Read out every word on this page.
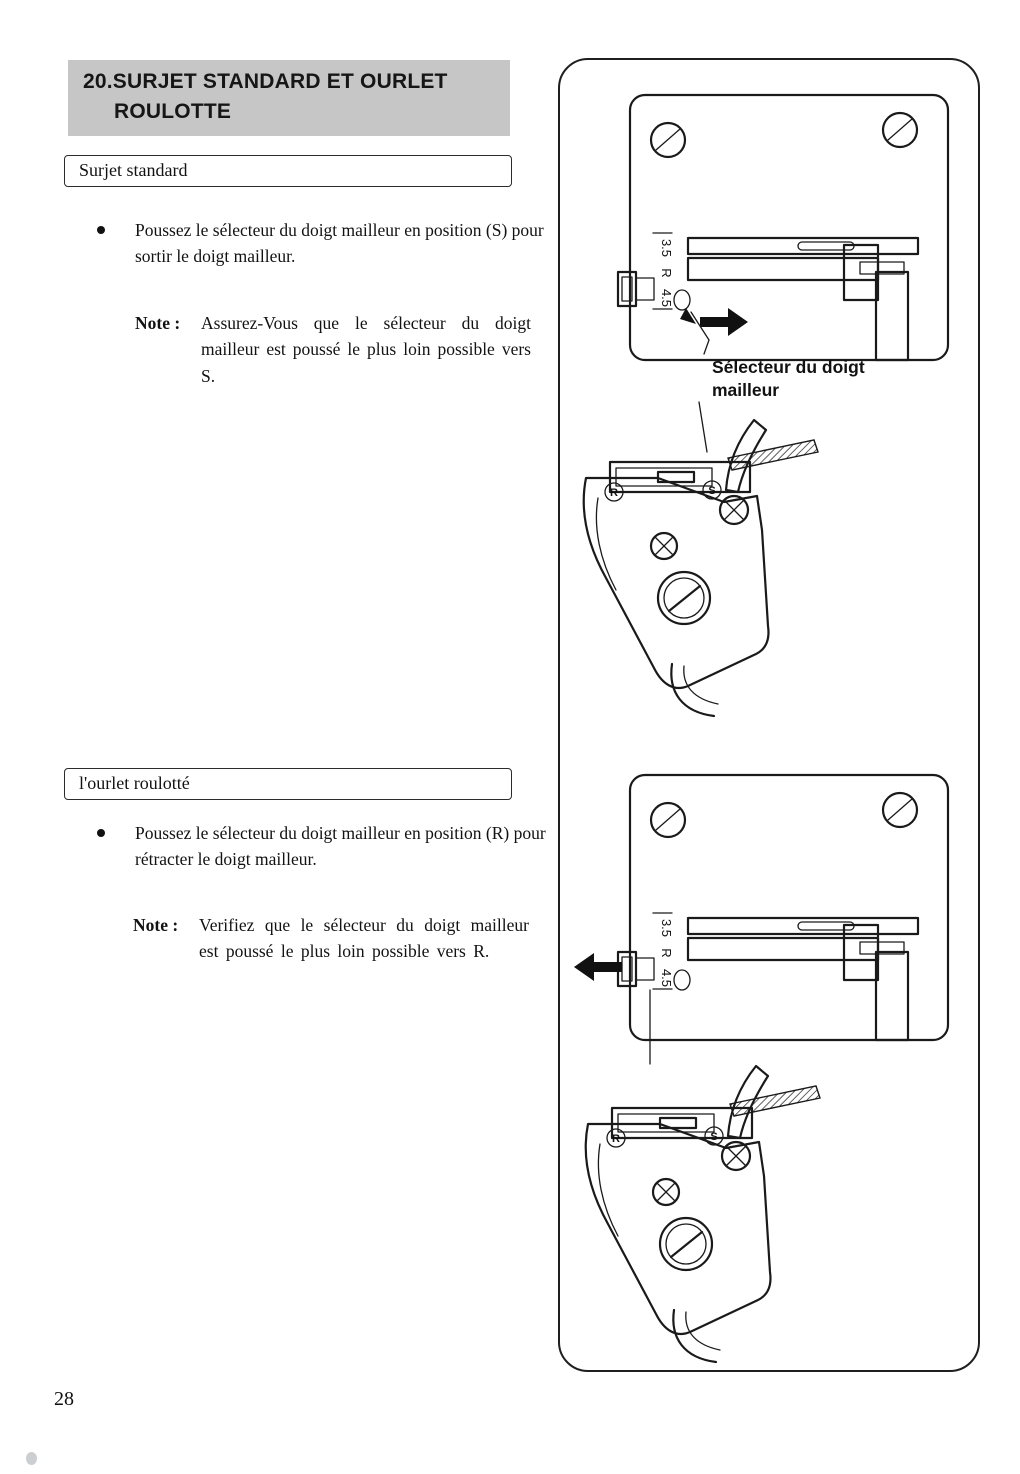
20.SURJET STANDARD ET OURLET
ROULOTTE
Surjet standard

Poussez le sélecteur du doigt mailleur en position (S) pour sortir le doigt mailleur.

Note :	Assurez-Vous que le sélecteur du doigt mailleur est poussé le plus loin possible vers S.

l'ourlet roulotté

Poussez le sélecteur du doigt mailleur en position (R) pour rétracter le doigt mailleur.

Note :	Verifiez que le sélecteur du doigt mailleur est poussé le plus loin possible vers R.

3.5
R
4.5
R	S
Sélecteur du doigt
mailleur
3.5
R
4.5
R	S
28
